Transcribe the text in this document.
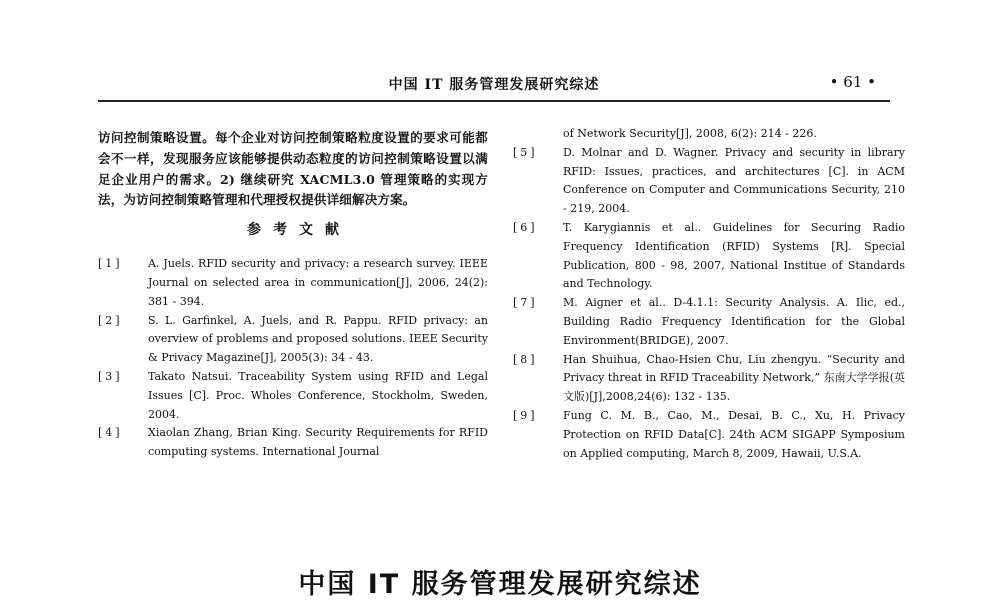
中国 IT 服务管理发展研究综述	• 61 •

访问控制策略设置。每个企业对访问控制策略粒度设置的要求可能都会不一样，发现服务应该能够提供动态粒度的访问控制策略设置以满足企业用户的需求。2) 继续研究 XACML3.0 管理策略的实现方法，为访问控制策略管理和代理授权提供详细解决方案。

参考文献

[1] A. Juels. RFID security and privacy: a research survey. IEEE Journal on selected area in communication[J], 2006, 24(2): 381 - 394.

[2] S. L. Garfinkel, A. Juels, and R. Pappu. RFID privacy: an overview of problems and proposed solutions. IEEE Security & Privacy Magazine[J], 2005(3): 34 - 43.

[3] Takato Natsui. Traceability System using RFID and Legal Issues [C]. Proc. Wholes Conference, Stockholm, Sweden, 2004.

[4] Xiaolan Zhang, Brian King. Security Requirements for RFID computing systems. International Journal

of Network Security[J], 2008, 6(2): 214 - 226.

[5] D. Molnar and D. Wagner. Privacy and security in library RFID: Issues, practices, and architectures [C]. in ACM Conference on Computer and Communications Security, 210 - 219, 2004.

[6] T. Karygiannis et al.. Guidelines for Securing Radio Frequency Identification (RFID) Systems [R]. Special Publication, 800 - 98, 2007, National Institue of Standards and Technology.

[7] M. Aigner et al.. D-4.1.1: Security Analysis. A. Ilic, ed., Building Radio Frequency Identification for the Global Environment(BRIDGE), 2007.

[8] Han Shuihua, Chao-Hsien Chu, Liu zhengyu. “Security and Privacy threat in RFID Traceability Network,” 东南大学学报(英文版)[J],2008,24(6): 132 - 135.

[9] Fung C. M. B., Cao, M., Desai, B. C., Xu, H. Privacy Protection on RFID Data[C]. 24th ACM SIGAPP Symposium on Applied computing, March 8, 2009, Hawaii, U.S.A.

中国 IT 服务管理发展研究综述
